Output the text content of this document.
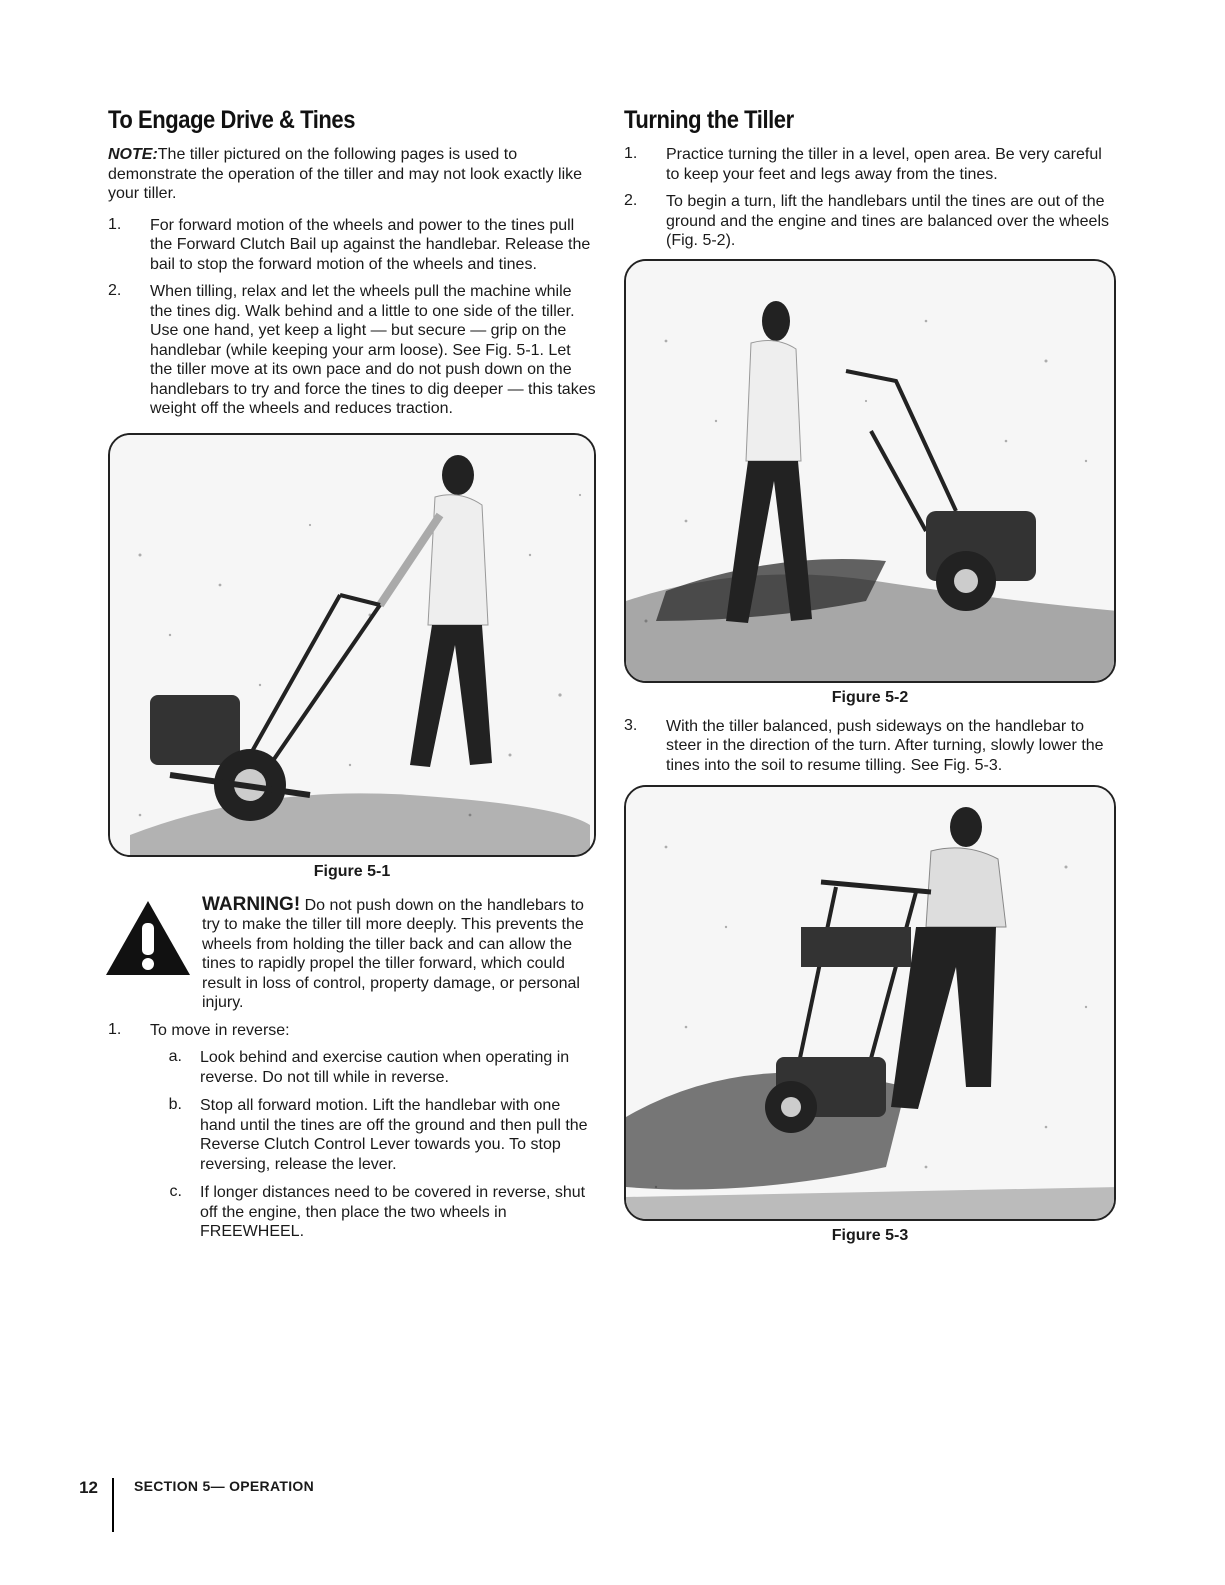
To Engage Drive & Tines

NOTE:The tiller pictured on the following pages is used to demonstrate the operation of the tiller and may not look exactly like your tiller.

1.	For forward motion of the wheels and power to the tines pull the Forward Clutch Bail up against the handlebar. Release the bail to stop the forward motion of the wheels and tines.
2.	When tilling, relax and let the wheels pull the machine while the tines dig. Walk behind and a little to one side of the tiller. Use one hand, yet keep a light — but secure — grip on the handlebar (while keeping your arm loose). See Fig. 5-1. Let the tiller move at its own pace and do not push down on the handlebars to try and force the tines to dig deeper — this takes weight off the wheels and reduces traction.
Figure 5-1
WARNING! Do not push down on the handlebars to try to make the tiller till more deeply. This prevents the wheels from holding the tiller back and can allow the tines to rapidly propel the tiller forward, which could result in loss of control, property damage, or personal injury.
1.	To move in reverse:
a.	Look behind and exercise caution when operating in reverse. Do not till while in reverse.
b.	Stop all forward motion. Lift the handlebar with one hand until the tines are off the ground and then pull the Reverse Clutch Control Lever towards you. To stop reversing, release the lever.
c.	If longer distances need to be covered in reverse, shut off the engine, then place the two wheels in FREEWHEEL.
Turning the Tiller
1.	Practice turning the tiller in a level, open area. Be very careful to keep your feet and legs away from the tines.
2.	To begin a turn, lift the handlebars until the tines are out of the ground and the engine and tines are balanced over the wheels (Fig. 5-2).
Figure 5-2
3.	With the tiller balanced, push sideways on the handlebar to steer in the direction of the turn. After turning, slowly lower the tines into the soil to resume tilling. See Fig. 5-3.
Figure 5-3
12	SECTION 5— OPERATION
